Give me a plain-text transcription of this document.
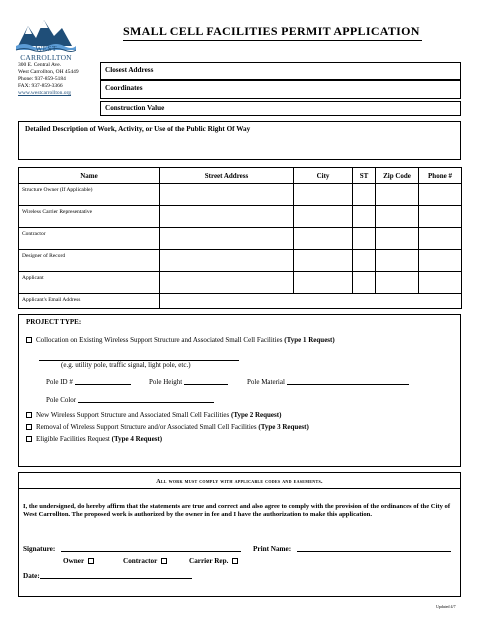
WEST CARROLLTON
SMALL CELL FACILITIES PERMIT APPLICATION
300 E. Central Ave.
West Carrollton, OH 45449
Phone: 937-859-5184
FAX: 937-859-3366
www.westcarrollton.org
Closest Address
Coordinates
Construction Value
Detailed Description of Work, Activity, or Use of the Public Right Of Way
Name	Street Address	City	ST	Zip Code	Phone #
Structure Owner (If Applicable)					
Wireless Carrier Representative					
Contractor					
Designer of Record					
Applicant					
Applicant's Email Address					
PROJECT TYPE:
Collocation on Existing Wireless Support Structure and Associated Small Cell Facilities (Type 1 Request)
(e.g. utility pole, traffic signal, light pole, etc.)
Pole ID #	Pole Height	Pole Material
Pole Color
New Wireless Support Structure and Associated Small Cell Facilities (Type 2 Request)
Removal of Wireless Support Structure and/or Associated Small Cell Facilities (Type 3 Request)
Eligible Facilities Request (Type 4 Request)
All work must comply with applicable codes and easements.
I, the undersigned, do hereby affirm that the statements are true and correct and also agree to comply with the provision of the ordinances of the City of West Carrollton. The proposed work is authorized by the owner in fee and I have the authorization to make this application.
Signature:	Print Name:
Owner	Contractor	Carrier Rep.
Date:
Updated 4/7
